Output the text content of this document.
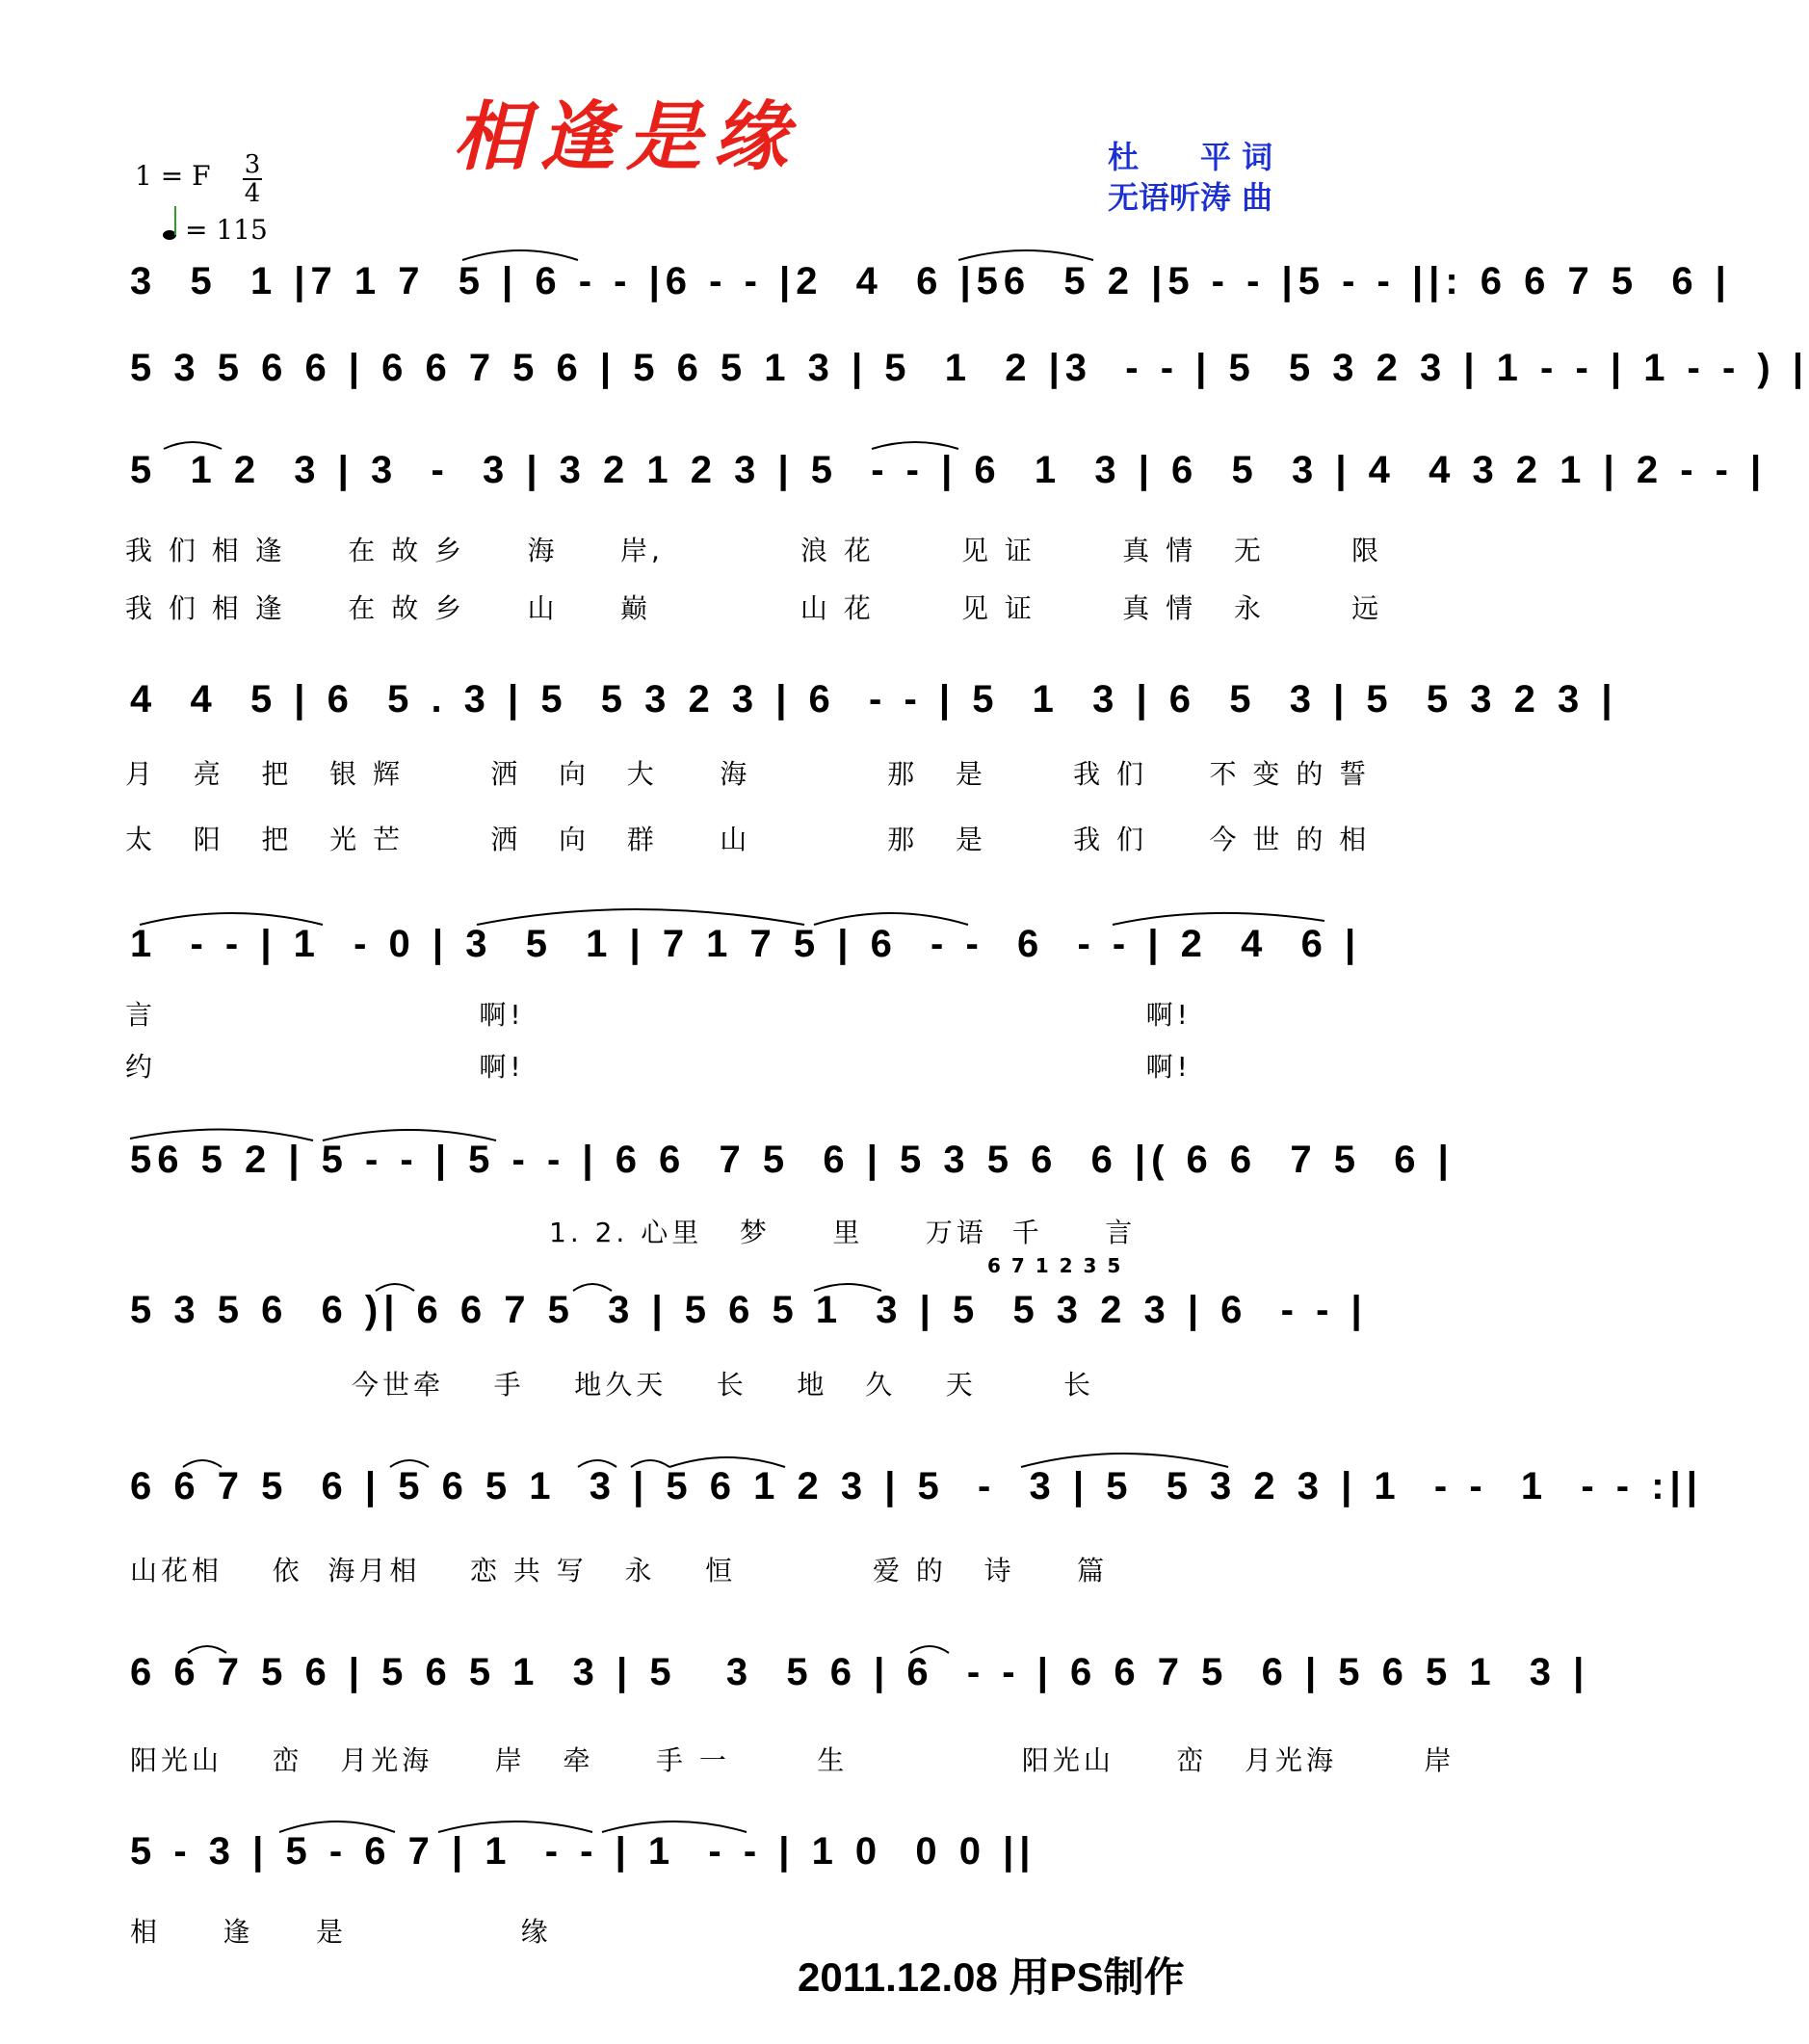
相逢是缘	杜　　平 词
无语听涛 曲
1 = F 3
4
= 115
3  5  1 |7 1 7  5 | 6 - - |6 - - |2  4  6 |56  5 2 |5 - - |5 - - ||: 6 6 7 5  6 |
5 3 5 6 6 | 6 6 7 5 6 | 5 6 5 1 3 | 5  1  2 |3  - - | 5  5 3 2 3 | 1 - - | 1 - - ) |
5  1 2  3 | 3  -  3 | 3 2 1 2 3 | 5  - - | 6  1  3 | 6  5  3 | 4  4 3 2 1 | 2 - - |
我 们 相 逢     在 故 乡     海     岸,           浪 花       见 证       真 情   无       限
我 们 相 逢     在 故 乡     山     巅            山 花       见 证       真 情   永       远
4  4  5 | 6  5 . 3 | 5  5 3 2 3 | 6  - - | 5  1  3 | 6  5  3 | 5  5 3 2 3 |
月   亮   把   银 辉       洒   向   大     海           那   是       我 们     不 变 的 誓
太   阳   把   光 芒       洒   向   群     山           那   是       我 们     今 世 的 相
1  - - | 1  - 0 | 3  5  1 | 7 1 7 5 | 6  - -  6  - - | 2  4  6 |
言                          啊!                                                  啊!
约                          啊!                                                  啊!
56 5 2 | 5 - - | 5 - - | 6 6  7 5  6 | 5 3 5 6  6 |( 6 6  7 5  6 |
1. 2. 心里   梦     里     万语  千     言
5 3 5 6  6 )| 6 6 7 5  3 | 5 6 5 1  3 | 5  5 3 2 3 | 6  - - |
6 7 1 2 3 5
今世牵    手    地久天    长    地   久    天       长
6 6 7 5  6 | 5 6 5 1  3 | 5 6 1 2 3 | 5  -  3 | 5  5 3 2 3 | 1  - -  1  - - :||
山花相    依  海月相    恋 共 写   永    恒           爱 的   诗     篇
6 6 7 5 6 | 5 6 5 1  3 | 5   3  5 6 | 6  - - | 6 6 7 5  6 | 5 6 5 1  3 |
阳光山    峦   月光海     岸   牵     手 一       生              阳光山     峦   月光海       岸
5 - 3 | 5 - 6 7 | 1  - - | 1  - - | 1 0  0 0 ||
相     逢     是              缘
2011.12.08 用PS制作
